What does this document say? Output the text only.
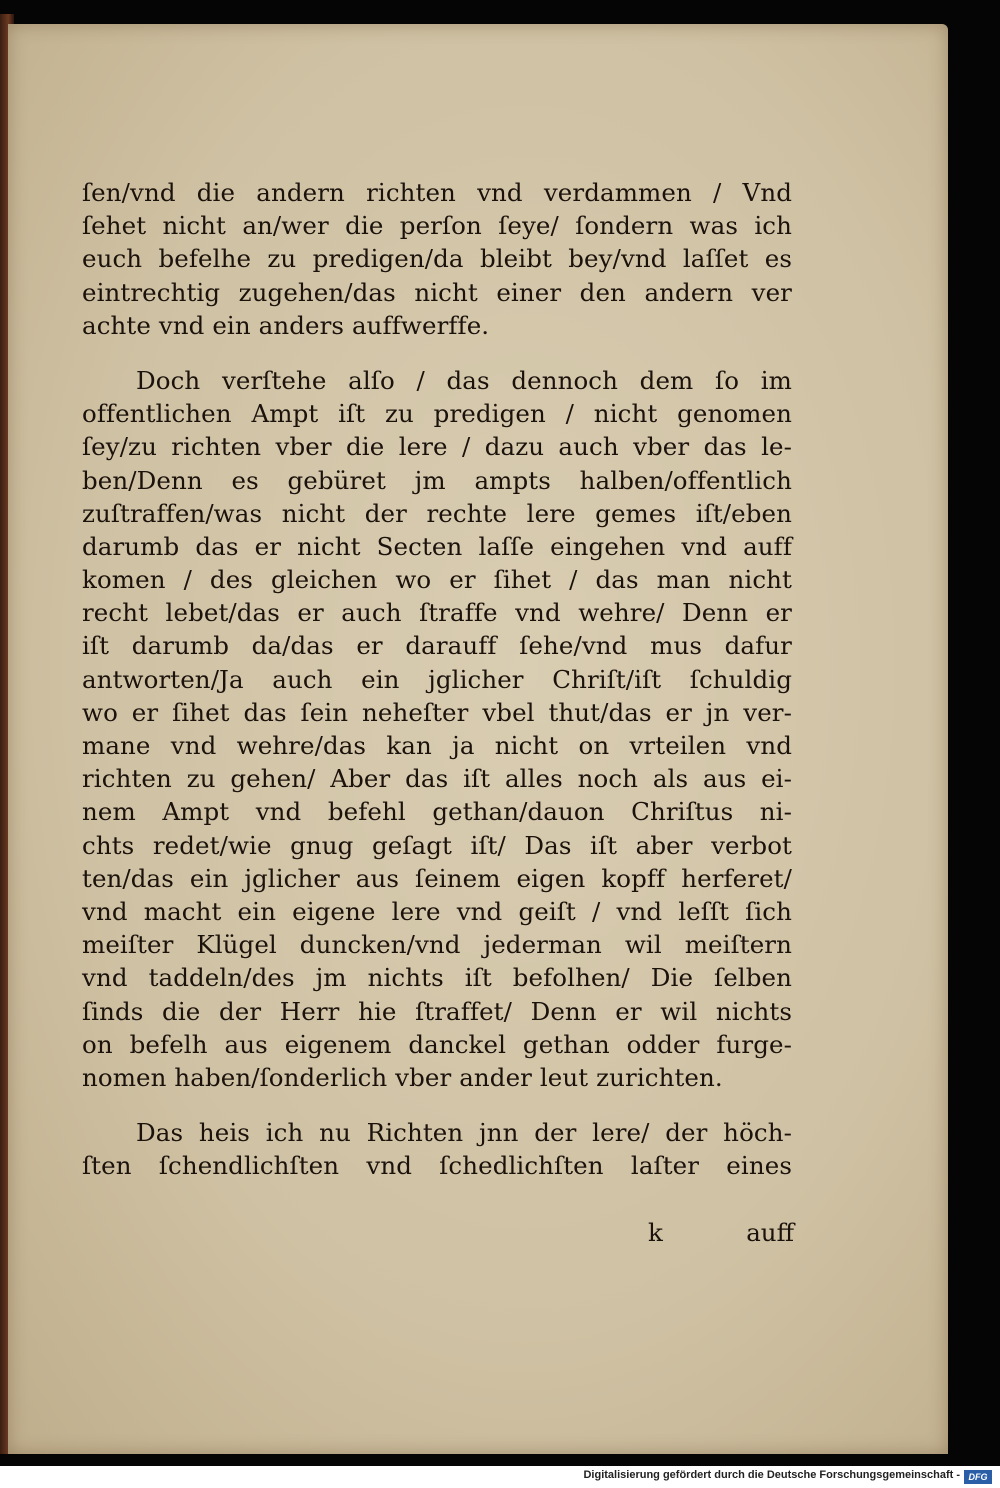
ſen/vnd die andern richten vnd verdammen / Vnd
ſehet nicht an/wer die perſon ſeye/ ſondern was ich
euch befelhe zu predigen/da bleibt bey/vnd laſſet es
eintrechtig zugehen/das nicht einer den andern ver
achte vnd ein anders auffwerffe.
Doch verſtehe alſo / das dennoch dem ſo im
offentlichen Ampt iſt zu predigen / nicht genomen
ſey/zu richten vber die lere / dazu auch vber das le-
ben/Denn es gebüret jm ampts halben/offentlich
zuſtraffen/was nicht der rechte lere gemes iſt/eben
darumb das er nicht Secten laſſe eingehen vnd auff
komen / des gleichen wo er ſihet / das man nicht
recht lebet/das er auch ſtraffe vnd wehre/ Denn er
iſt darumb da/das er darauff ſehe/vnd mus dafur
antworten/Ja auch ein jglicher Chriſt/iſt ſchuldig
wo er ſihet das ſein neheſter vbel thut/das er jn ver-
mane vnd wehre/das kan ja nicht on vrteilen vnd
richten zu gehen/ Aber das iſt alles noch als aus ei-
nem Ampt vnd befehl gethan/dauon Chriſtus ni-
chts redet/wie gnug geſagt iſt/ Das iſt aber verbot
ten/das ein jglicher aus ſeinem eigen kopff herferet/
vnd macht ein eigene lere vnd geiſt / vnd leſſt ſich
meiſter Klügel duncken/vnd jederman wil meiſtern
vnd taddeln/des jm nichts iſt befolhen/ Die ſelben
ſinds die der Herr hie ſtraffet/ Denn er wil nichts
on befelh aus eigenem danckel gethan odder furge-
nomen haben/ſonderlich vber ander leut zurichten.
Das heis ich nu Richten jnn der lere/ der höch-
ſten ſchendlichſten vnd ſchedlichſten laſter eines
k	auff
Digitalisierung gefördert durch die Deutsche Forschungsgemeinschaft - DFG
